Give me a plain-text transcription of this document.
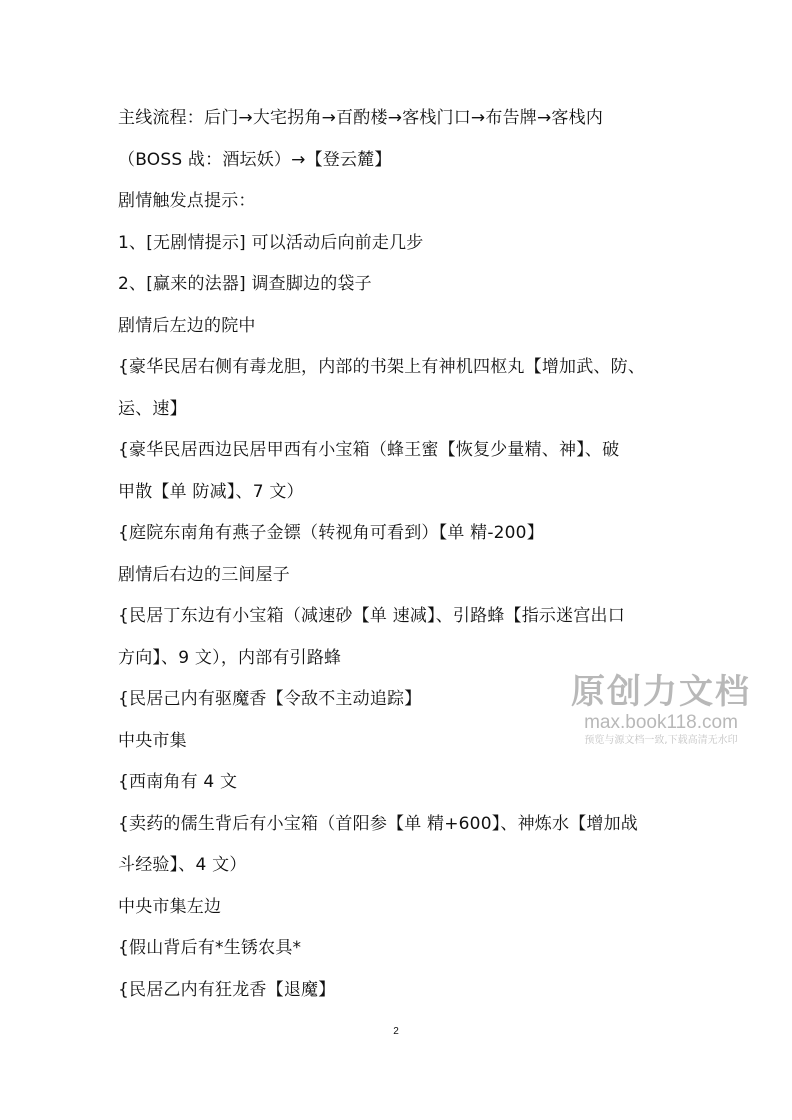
主线流程：后门→大宅拐角→百酌楼→客栈门口→布告牌→客栈内
（BOSS 战：酒坛妖）→【登云麓】
剧情触发点提示：
1、[无剧情提示] 可以活动后向前走几步
2、[赢来的法器] 调查脚边的袋子
剧情后左边的院中
{豪华民居右侧有毒龙胆，内部的书架上有神机四枢丸【增加武、防、
运、速】
{豪华民居西边民居甲西有小宝箱（蜂王蜜【恢复少量精、神】、破
甲散【单 防减】、7 文）
{庭院东南角有燕子金镖（转视角可看到）【单 精-200】
剧情后右边的三间屋子
{民居丁东边有小宝箱（减速砂【单 速减】、引路蜂【指示迷宫出口
方向】、9 文），内部有引路蜂
{民居己内有驱魔香【令敌不主动追踪】
中央市集
{西南角有 4 文
{卖药的儒生背后有小宝箱（首阳参【单 精+600】、神炼水【增加战
斗经验】、4 文）
中央市集左边
{假山背后有*生锈农具*
{民居乙内有狂龙香【退魔】
原创力文档
max.book118.com
预览与源文档一致,下载高清无水印
2
